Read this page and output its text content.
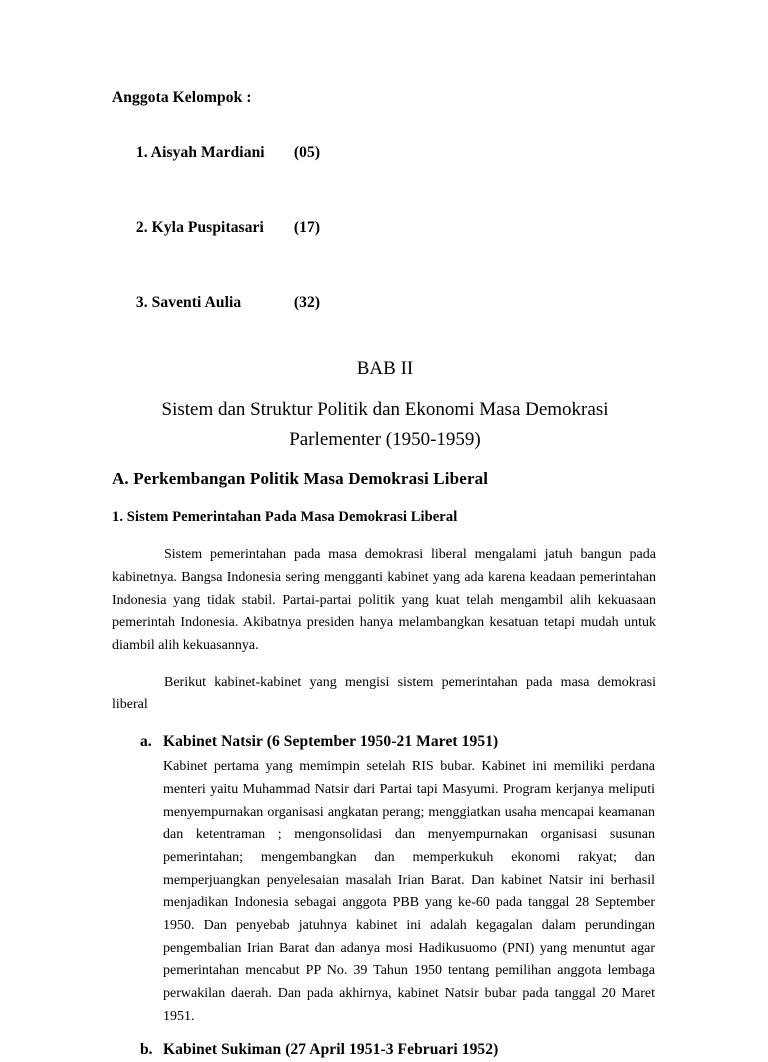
Anggota Kelompok :

1. Aisyah Mardiani (05)

2. Kyla Puspitasari (17)

3. Saventi Aulia	(32)

BAB II
Sistem dan Struktur Politik dan Ekonomi Masa Demokrasi Parlementer (1950-1959)
A. Perkembangan Politik Masa Demokrasi Liberal
1. Sistem Pemerintahan Pada Masa Demokrasi Liberal

Sistem pemerintahan pada masa demokrasi liberal mengalami jatuh bangun pada kabinetnya. Bangsa Indonesia sering mengganti kabinet yang ada karena keadaan pemerintahan Indonesia yang tidak stabil. Partai-partai politik yang kuat telah mengambil alih kekuasaan pemerintah Indonesia. Akibatnya presiden hanya melambangkan kesatuan tetapi mudah untuk diambil alih kekuasannya.

Berikut kabinet-kabinet yang mengisi sistem pemerintahan pada masa demokrasi liberal

a. Kabinet Natsir (6 September 1950-21 Maret 1951)

Kabinet pertama yang memimpin setelah RIS bubar. Kabinet ini memiliki perdana menteri yaitu Muhammad Natsir dari Partai tapi Masyumi. Program kerjanya meliputi menyempurnakan organisasi angkatan perang; menggiatkan usaha mencapai keamanan dan ketentraman ; mengonsolidasi dan menyempurnakan organisasi susunan pemerintahan; mengembangkan dan memperkukuh ekonomi rakyat; dan memperjuangkan penyelesaian masalah Irian Barat. Dan kabinet Natsir ini berhasil menjadikan Indonesia sebagai anggota PBB yang ke-60 pada tanggal 28 September 1950. Dan penyebab jatuhnya kabinet ini adalah kegagalan dalam perundingan pengembalian Irian Barat dan adanya mosi Hadikusuomo (PNI) yang menuntut agar pemerintahan mencabut PP No. 39 Tahun 1950 tentang pemilihan anggota lembaga perwakilan daerah. Dan pada akhirnya, kabinet Natsir bubar pada tanggal 20 Maret 1951.

b. Kabinet Sukiman (27 April 1951-3 Februari 1952)
